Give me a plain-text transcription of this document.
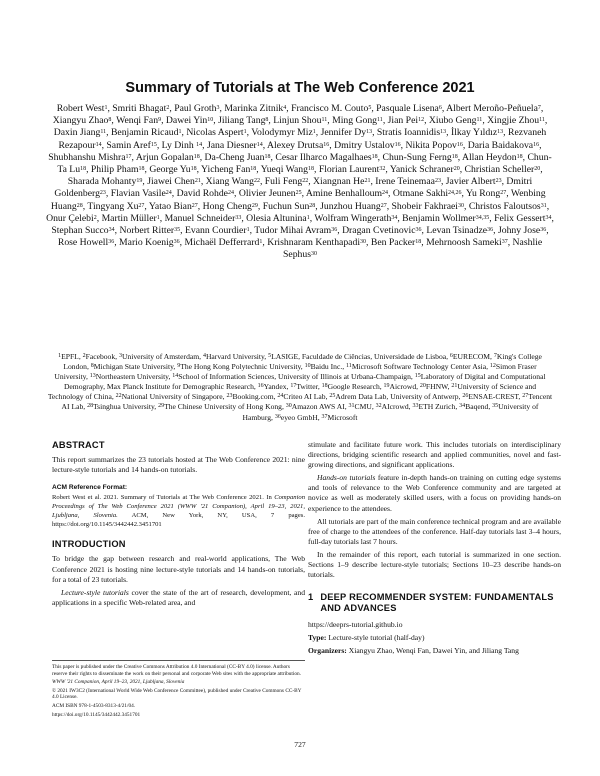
Summary of Tutorials at The Web Conference 2021
Robert West$^1$, Smriti Bhagat$^2$, Paul Groth$^3$, Marinka Zitnik$^4$, Francisco M. Couto$^5$, Pasquale Lisena$^6$, Albert Meroño-Peñuela$^7$, Xiangyu Zhao$^8$, Wenqi Fan$^9$, Dawei Yin$^{10}$, Jiliang Tang$^8$, Linjun Shou$^{11}$, Ming Gong$^{11}$, Jian Pei$^{12}$, Xiubo Geng$^{11}$, Xingjie Zhou$^{11}$, Daxin Jiang$^{11}$, Benjamin Ricaud$^1$, Nicolas Aspert$^1$, Volodymyr Miz$^1$, Jennifer Dy$^{13}$, Stratis Ioannidis$^{13}$, İlkay Yıldız$^{13}$, Rezvaneh Rezapour$^{14}$, Samin Aref$^{15}$, Ly Dinh $^{14}$, Jana Diesner$^{14}$, Alexey Drutsa$^{16}$, Dmitry Ustalov$^{16}$, Nikita Popov$^{16}$, Daria Baidakova$^{16}$, Shubhanshu Mishra$^{17}$, Arjun Gopalan$^{18}$, Da-Cheng Juan$^{18}$, Cesar Ilharco Magalhaes$^{18}$, Chun-Sung Ferng$^{18}$, Allan Heydon$^{18}$, Chun-Ta Lu$^{18}$, Philip Pham$^{18}$, George Yu$^{18}$, Yicheng Fan$^{18}$, Yueqi Wang$^{18}$, Florian Laurent$^{32}$, Yanick Schraner$^{20}$, Christian Scheller$^{20}$, Sharada Mohanty$^{19}$, Jiawei Chen$^{21}$, Xiang Wang$^{22}$, Fuli Feng$^{22}$, Xiangnan He$^{21}$, Irene Teinemaa$^{23}$, Javier Albert$^{23}$, Dmitri Goldenberg$^{23}$, Flavian Vasile$^{24}$, David Rohde$^{24}$, Olivier Jeunen$^{25}$, Amine Benhalloum$^{24}$, Otmane Sakhi$^{24,26}$, Yu Rong$^{27}$, Wenbing Huang$^{28}$, Tingyang Xu$^{27}$, Yatao Bian$^{27}$, Hong Cheng$^{29}$, Fuchun Sun$^{28}$, Junzhou Huang$^{27}$, Shobeir Fakhraei$^{30}$, Christos Faloutsos$^{31}$, Onur Çelebi$^2$, Martin Müller$^1$, Manuel Schneider$^{33}$, Olesia Altunina$^1$, Wolfram Wingerath$^{34}$, Benjamin Wollmer$^{34,35}$, Felix Gessert$^{34}$, Stephan Succo$^{34}$, Norbert Ritter$^{35}$, Evann Courdier$^1$, Tudor Mihai Avram$^{36}$, Dragan Cvetinovic$^{36}$, Levan Tsinadze$^{36}$, Johny Jose$^{36}$, Rose Howell$^{36}$, Mario Koenig$^{36}$, Michaël Defferrard$^1$, Krishnaram Kenthapadi$^{30}$, Ben Packer$^{18}$, Mehrnoosh Sameki$^{37}$, Nashlie Sephus$^{30}$
$^1$EPFL, $^2$Facebook, $^3$University of Amsterdam, $^4$Harvard University, $^5$LASIGE, Faculdade de Ciências, Universidade de Lisboa, $^6$EURECOM, $^7$King's College London, $^8$Michigan State University, $^9$The Hong Kong Polytechnic University, $^{10}$Baidu Inc., $^{11}$Microsoft Software Technology Center Asia, $^{12}$Simon Fraser University, $^{13}$Northeastern University, $^{14}$School of Information Sciences, University of Illinois at Urbana-Champaign, $^{15}$Laboratory of Digital and Computational Demography, Max Planck Institute for Demographic Research, $^{16}$Yandex, $^{17}$Twitter, $^{18}$Google Research, $^{19}$Aicrowd, $^{20}$FHNW, $^{21}$University of Science and Technology of China, $^{22}$National University of Singapore, $^{23}$Booking.com, $^{24}$Criteo AI Lab, $^{25}$Adrem Data Lab, University of Antwerp, $^{26}$ENSAE-CREST, $^{27}$Tencent AI Lab, $^{28}$Tsinghua University, $^{29}$The Chinese University of Hong Kong, $^{30}$Amazon AWS AI, $^{31}$CMU, $^{32}$AIcrowd, $^{33}$ETH Zurich, $^{34}$Baqend, $^{35}$University of Hamburg, $^{36}$eyeo GmbH, $^{37}$Microsoft
ABSTRACT

This report summarizes the 23 tutorials hosted at The Web Conference 2021: nine lecture-style tutorials and 14 hands-on tutorials.

ACM Reference Format:

Robert West et al. 2021. Summary of Tutorials at The Web Conference 2021. In Companion Proceedings of The Web Conference 2021 (WWW '21 Companion), April 19–23, 2021, Ljubljana, Slovenia. ACM, New York, NY, USA, 7 pages. https://doi.org/10.1145/3442442.3451701

INTRODUCTION

To bridge the gap between research and real-world applications, The Web Conference 2021 is hosting nine lecture-style tutorials and 14 hands-on tutorials, for a total of 23 tutorials.

Lecture-style tutorials cover the state of the art of research, development, and applications in a specific Web-related area, and

stimulate and facilitate future work. This includes tutorials on interdisciplinary directions, bridging scientific research and applied communities, novel and fast-growing directions, and significant applications.

Hands-on tutorials feature in-depth hands-on training on cutting edge systems and tools of relevance to the Web Conference community and are targeted at novice as well as moderately skilled users, with a focus on providing hands-on experience to the attendees.

All tutorials are part of the main conference technical program and are available free of charge to the attendees of the conference. Half-day tutorials last 3–4 hours, full-day tutorials last 7 hours.

In the remainder of this report, each tutorial is summarized in one section. Sections 1–9 describe lecture-style tutorials; Sections 10–23 describe hands-on tutorials.

1 DEEP RECOMMENDER SYSTEM: FUNDAMENTALS AND ADVANCES

https://deeprs-tutorial.github.io

Type: Lecture-style tutorial (half-day)

Organizers: Xiangyu Zhao, Wenqi Fan, Dawei Yin, and Jiliang Tang

This paper is published under the Creative Commons Attribution 4.0 International (CC-BY 4.0) license. Authors reserve their rights to disseminate the work on their personal and corporate Web sites with the appropriate attribution.
WWW '21 Companion, April 19–23, 2021, Ljubljana, Slovenia
© 2021 IW3C2 (International World Wide Web Conference Committee), published under Creative Commons CC-BY 4.0 License.
ACM ISBN 978-1-4503-8313-4/21/04.
https://doi.org/10.1145/3442442.3451701
727
